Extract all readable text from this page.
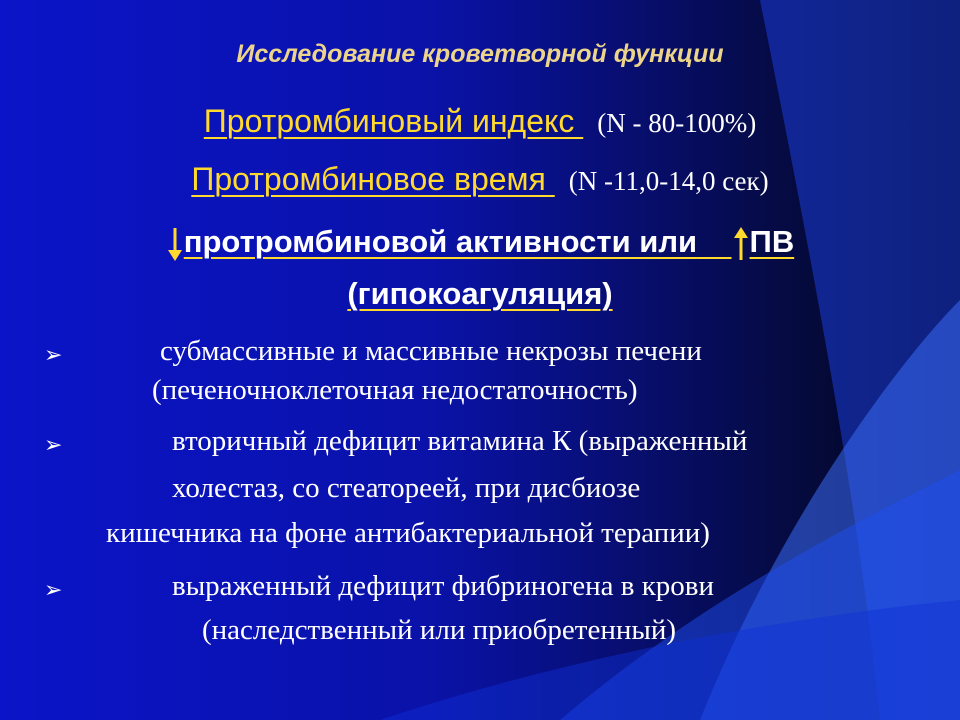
Исследование кроветворной функции
Протромбиновый индекс (N - 80-100%)
Протромбиновое время (N -11,0-14,0 сек)
протромбиновой активности или ПВ
(гипокоагуляция)
➢	субмассивные и массивные некрозы печени
(печеночноклеточная недостаточность)
➢	вторичный дефицит витамина К (выраженный
холестаз, со стеатореей, при дисбиозе
кишечника на фоне антибактериальной терапии)
➢	выраженный дефицит фибриногена в крови
(наследственный или приобретенный)
